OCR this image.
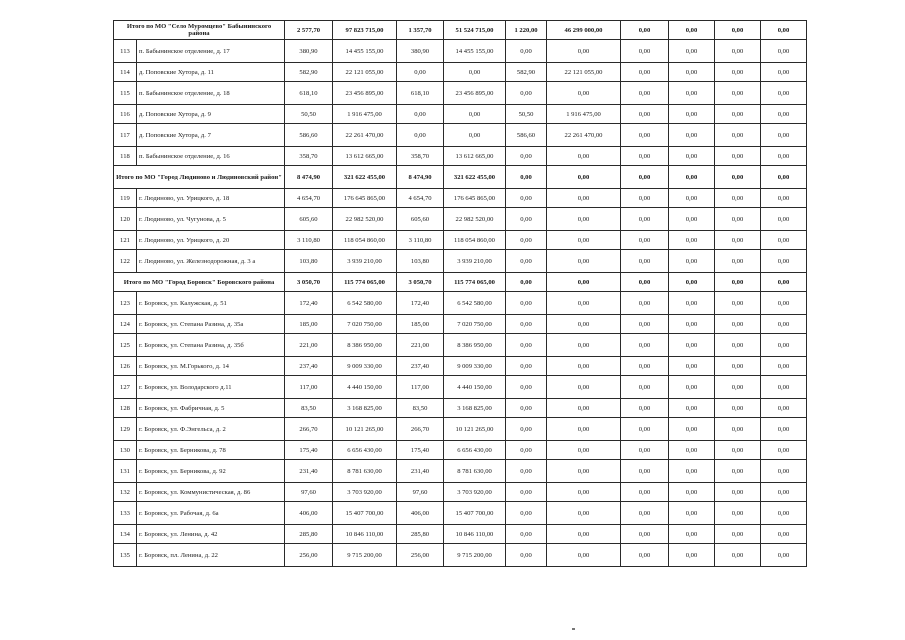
Итого по МО "Село Муромцево" Бабынинского района		2 577,70	97 823 715,00	1 357,70	51 524 715,00	1 220,00	46 299 000,00	0,00	0,00	0,00	0,00
113	п. Бабынинское отделение, д. 17	380,90	14 455 155,00	380,90	14 455 155,00	0,00	0,00	0,00	0,00	0,00	0,00
114	д. Поповские Хутора, д. 11	582,90	22 121 055,00	0,00	0,00	582,90	22 121 055,00	0,00	0,00	0,00	0,00
115	п. Бабынинское отделение, д. 18	618,10	23 456 895,00	618,10	23 456 895,00	0,00	0,00	0,00	0,00	0,00	0,00
116	д. Поповские Хутора, д. 9	50,50	1 916 475,00	0,00	0,00	50,50	1 916 475,00	0,00	0,00	0,00	0,00
117	д. Поповские Хутора, д. 7	586,60	22 261 470,00	0,00	0,00	586,60	22 261 470,00	0,00	0,00	0,00	0,00
118	п. Бабынинское отделение, д. 16	358,70	13 612 665,00	358,70	13 612 665,00	0,00	0,00	0,00	0,00	0,00	0,00
Итого по МО "Город Людиново и Людиновский район"		8 474,90	321 622 455,00	8 474,90	321 622 455,00	0,00	0,00	0,00	0,00	0,00	0,00
119	г. Людиново, ул. Урицкого, д. 18	4 654,70	176 645 865,00	4 654,70	176 645 865,00	0,00	0,00	0,00	0,00	0,00	0,00
120	г. Людиново, ул. Чугунова, д. 5	605,60	22 982 520,00	605,60	22 982 520,00	0,00	0,00	0,00	0,00	0,00	0,00
121	г. Людиново, ул. Урицкого, д. 20	3 110,80	118 054 860,00	3 110,80	118 054 860,00	0,00	0,00	0,00	0,00	0,00	0,00
122	г. Людиново, ул. Железнодорожная, д. 3 а	103,80	3 939 210,00	103,80	3 939 210,00	0,00	0,00	0,00	0,00	0,00	0,00
Итого по МО "Город Боровск" Боровского района		3 050,70	115 774 065,00	3 050,70	115 774 065,00	0,00	0,00	0,00	0,00	0,00	0,00
123	г. Боровск, ул. Калужская, д. 51	172,40	6 542 580,00	172,40	6 542 580,00	0,00	0,00	0,00	0,00	0,00	0,00
124	г. Боровск, ул. Степана Разина, д. 35а	185,00	7 020 750,00	185,00	7 020 750,00	0,00	0,00	0,00	0,00	0,00	0,00
125	г. Боровск, ул. Степана Разина, д. 35б	221,00	8 386 950,00	221,00	8 386 950,00	0,00	0,00	0,00	0,00	0,00	0,00
126	г. Боровск, ул. М.Горького, д. 14	237,40	9 009 330,00	237,40	9 009 330,00	0,00	0,00	0,00	0,00	0,00	0,00
127	г. Боровск, ул. Володарского д.11	117,00	4 440 150,00	117,00	4 440 150,00	0,00	0,00	0,00	0,00	0,00	0,00
128	г. Боровск, ул. Фабричная, д. 5	83,50	3 168 825,00	83,50	3 168 825,00	0,00	0,00	0,00	0,00	0,00	0,00
129	г. Боровск, ул. Ф.Энгельса, д. 2	266,70	10 121 265,00	266,70	10 121 265,00	0,00	0,00	0,00	0,00	0,00	0,00
130	г. Боровск, ул. Берникова, д. 78	175,40	6 656 430,00	175,40	6 656 430,00	0,00	0,00	0,00	0,00	0,00	0,00
131	г. Боровск, ул. Берникова, д. 92	231,40	8 781 630,00	231,40	8 781 630,00	0,00	0,00	0,00	0,00	0,00	0,00
132	г. Боровск, ул. Коммунистическая, д. 86	97,60	3 703 920,00	97,60	3 703 920,00	0,00	0,00	0,00	0,00	0,00	0,00
133	г. Боровск, ул. Рабочая, д. 6а	406,00	15 407 700,00	406,00	15 407 700,00	0,00	0,00	0,00	0,00	0,00	0,00
134	г. Боровск, ул. Ленина, д. 42	285,80	10 846 110,00	285,80	10 846 110,00	0,00	0,00	0,00	0,00	0,00	0,00
135	г. Боровск, пл. Ленина, д. 22	256,00	9 715 200,00	256,00	9 715 200,00	0,00	0,00	0,00	0,00	0,00	0,00
